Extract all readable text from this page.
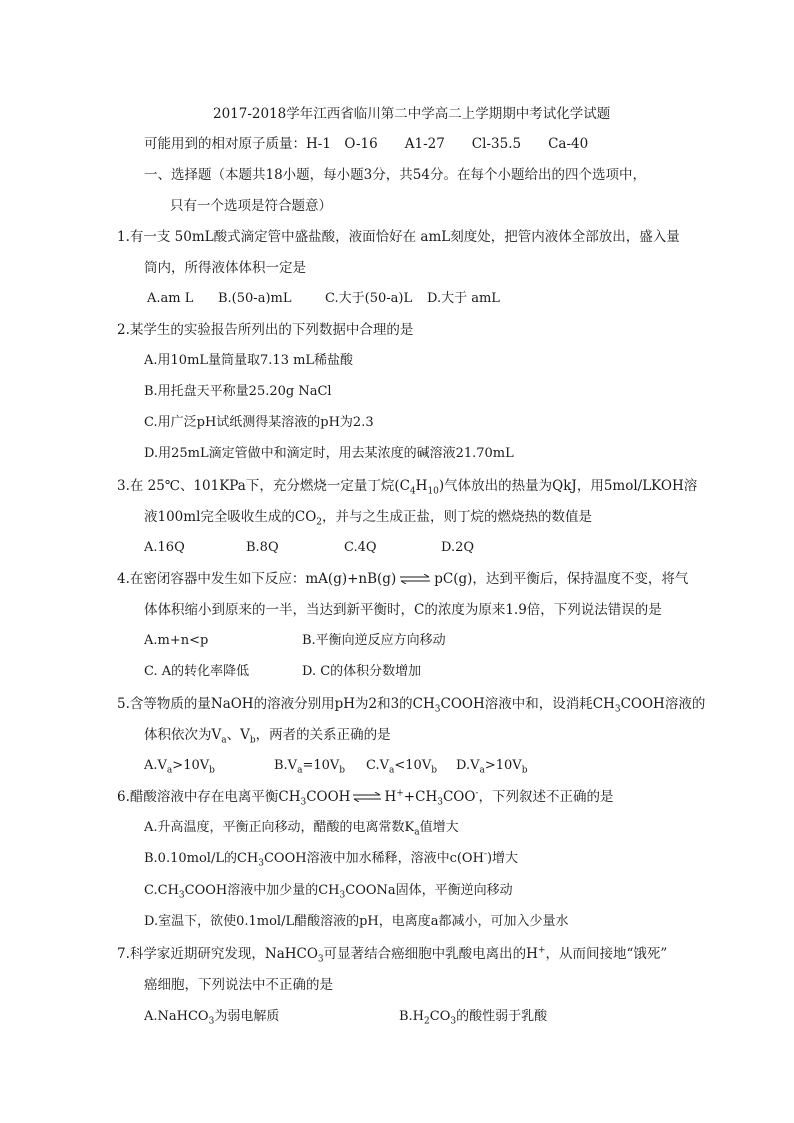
2017-2018学年江西省临川第二中学高二上学期期中考试化学试题
可能用到的相对原子质量：H-1　O-16　　A1-27　　Cl-35.5　　Ca-40
一、选择题（本题共18小题，每小题3分，共54分。在每个小题给出的四个选项中，
只有一个选项是符合题意）
1.有一支 50mL酸式滴定管中盛盐酸，液面恰好在 amL刻度处，把管内液体全部放出，盛入量
筒内，所得液体体积一定是
A.am L B.(50-a)mL	C.大于(50-a)L D.大于 amL
2.某学生的实验报告所列出的下列数据中合理的是
A.用10mL量筒量取7.13 mL稀盐酸
B.用托盘天平称量25.20g NaCl
C.用广泛pH试纸测得某溶液的pH为2.3
D.用25mL滴定管做中和滴定时，用去某浓度的碱溶液21.70mL
3.在 25℃、101KPa下，充分燃烧一定量丁烷$(C_4H_{10})$气体放出的热量为QkJ，用5mol/LKOH溶
液100ml完全吸收生成的$CO_2$，并与之生成正盐，则丁烷的燃烧热的数值是
A.16Q	B.8Q	C.4Q	D.2Q
4.在密闭容器中发生如下反应：mA(g)+nB(g) ⇌ pC(g)，达到平衡后，保持温度不变，将气
体体积缩小到原来的一半，当达到新平衡时，C的浓度为原来1.9倍，下列说法错误的是
A.m+n<p	B.平衡向逆反应方向移动
C. A的转化率降低	D. C的体积分数增加
5.含等物质的量NaOH的溶液分别用pH为2和3的$CH_3COOH$溶液中和，设消耗$CH_3COOH$溶液的
体积依次为$V_a$、$V_b$，两者的关系正确的是
$A.V_a>10V_b$	$B.V_a=10V_b$ $C.V_a<10V_b$ $D.V_a>10V_b$
6.醋酸溶液中存在电离平衡$CH_3COOH$ ⇌ $H^++CH_3COO^-$，下列叙述不正确的是
A.升高温度，平衡正向移动，醋酸的电离常数$K_a$值增大
B.0.10mol/L的$CH_3COOH$溶液中加水稀释，溶液中c(OH-)增大
$C.CH_3COOH$溶液中加少量的$CH_3COONa$固体，平衡逆向移动
D.室温下，欲使0.1mol/L醋酸溶液的pH，电离度a都减小，可加入少量水
7.科学家近期研究发现，NaHCO$_3$可显著结合癌细胞中乳酸电离出的H+，从而间接地“饿死”
癌细胞，下列说法中不正确的是
A.NaHCO$_3$为弱电解质	$B.H_2CO_3$的酸性弱于乳酸
